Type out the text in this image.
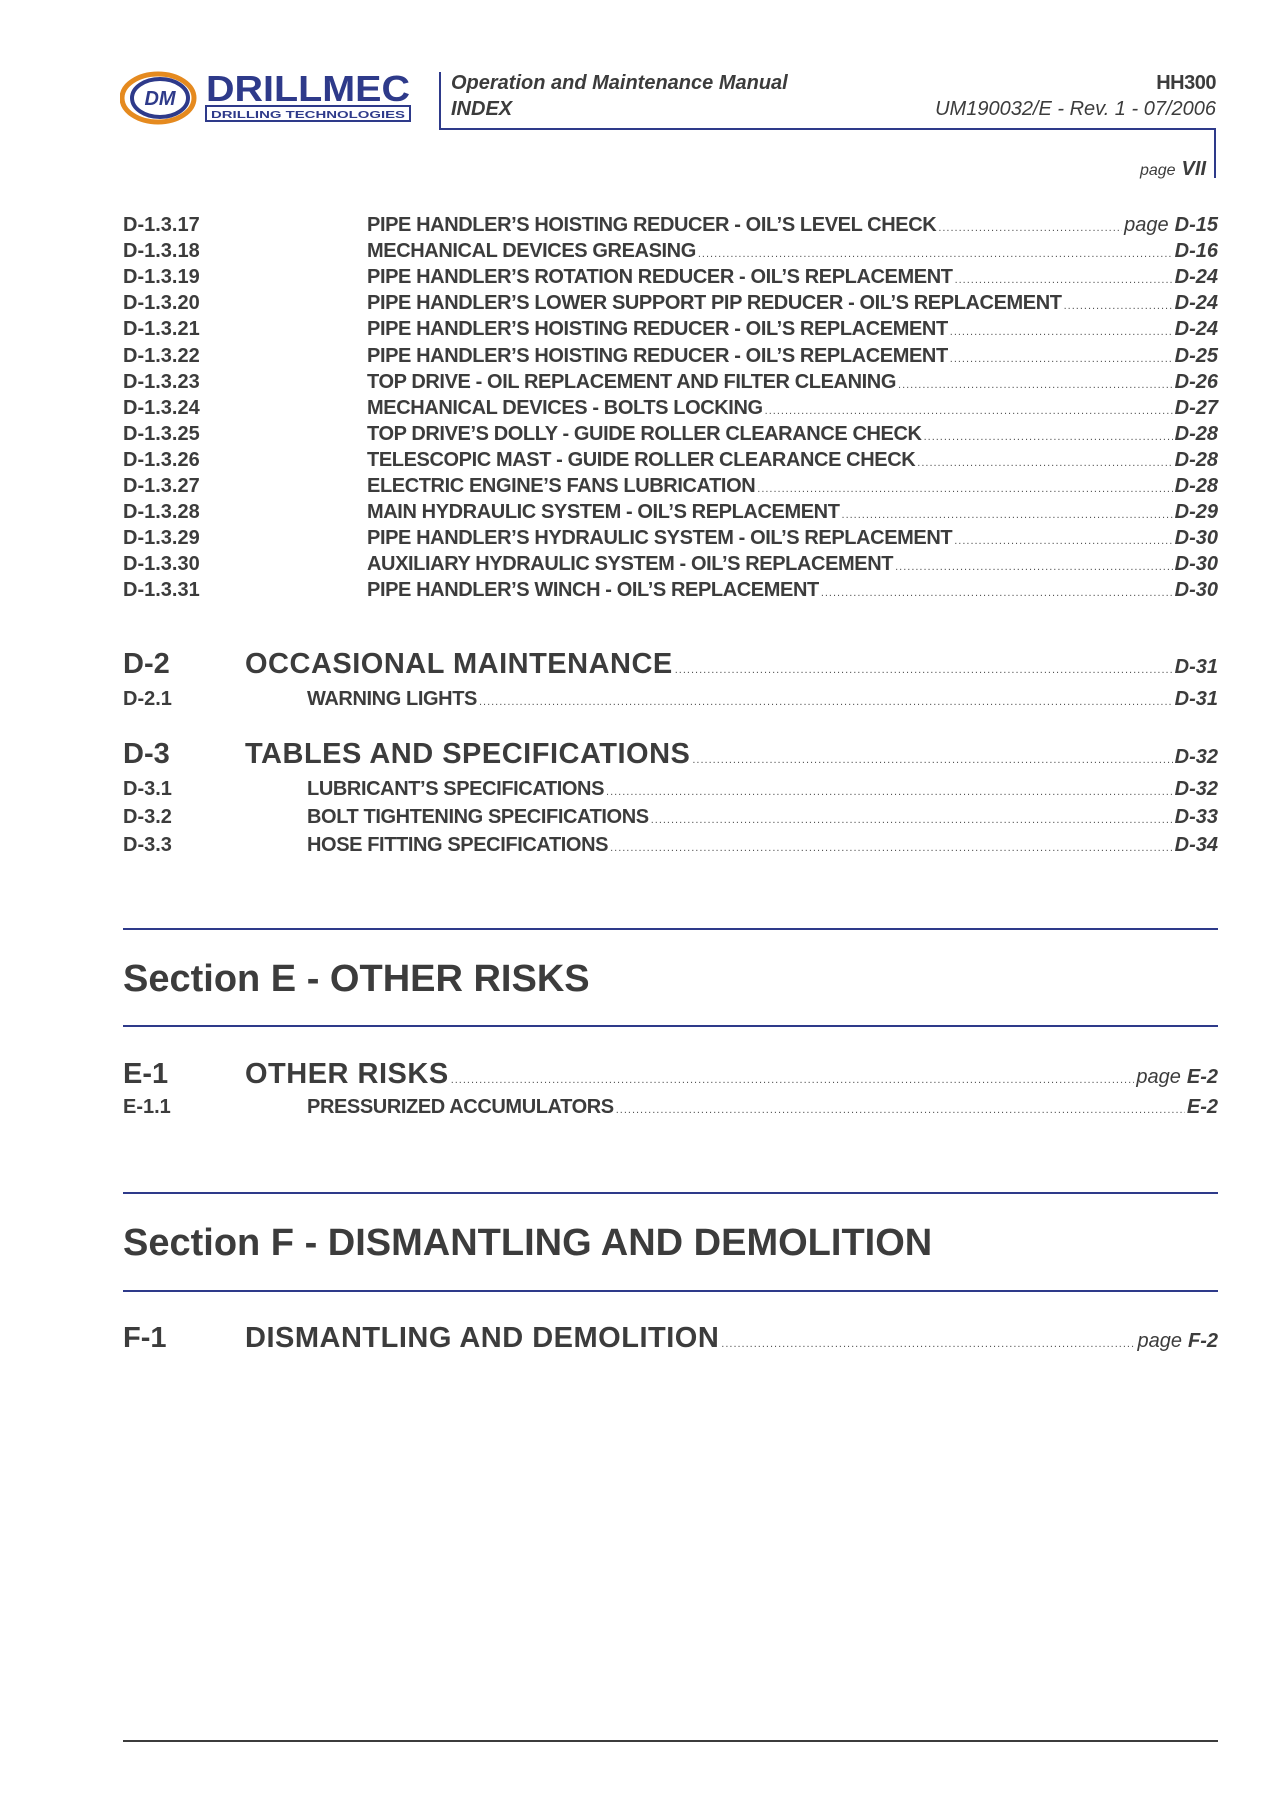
DM DRILLMEC
DRILLING TECHNOLOGIES
Operation and Maintenance Manual
INDEX
HH300
UM190032/E - Rev. 1 - 07/2006
page VII
D-1.3.17	PIPE HANDLER’S HOISTING REDUCER - OIL’S LEVEL CHECK .....	page D-15
D-1.3.18	MECHANICAL DEVICES GREASING .....	D-16
D-1.3.19	PIPE HANDLER’S ROTATION REDUCER - OIL’S REPLACEMENT .....	D-24
D-1.3.20	PIPE HANDLER’S LOWER SUPPORT PIP REDUCER - OIL’S REPLACEMENT .....	D-24
D-1.3.21	PIPE HANDLER’S HOISTING REDUCER - OIL’S REPLACEMENT .....	D-24
D-1.3.22	PIPE HANDLER’S HOISTING REDUCER - OIL’S REPLACEMENT .....	D-25
D-1.3.23	TOP DRIVE - OIL REPLACEMENT AND FILTER CLEANING .....	D-26
D-1.3.24	MECHANICAL DEVICES - BOLTS LOCKING .....	D-27
D-1.3.25	TOP DRIVE’S DOLLY - GUIDE ROLLER CLEARANCE CHECK .....	D-28
D-1.3.26	TELESCOPIC MAST - GUIDE ROLLER CLEARANCE CHECK .....	D-28
D-1.3.27	ELECTRIC ENGINE’S FANS LUBRICATION .....	D-28
D-1.3.28	MAIN HYDRAULIC SYSTEM - OIL’S REPLACEMENT .....	D-29
D-1.3.29	PIPE HANDLER’S HYDRAULIC SYSTEM - OIL’S REPLACEMENT .....	D-30
D-1.3.30	AUXILIARY HYDRAULIC SYSTEM - OIL’S REPLACEMENT .....	D-30
D-1.3.31	PIPE HANDLER’S WINCH - OIL’S REPLACEMENT .....	D-30
D-2	OCCASIONAL MAINTENANCE .....	D-31
D-2.1	WARNING LIGHTS .....	D-31
D-3	TABLES AND SPECIFICATIONS .....	D-32
D-3.1	LUBRICANT’S SPECIFICATIONS .....	D-32
D-3.2	BOLT TIGHTENING SPECIFICATIONS .....	D-33
D-3.3	HOSE FITTING SPECIFICATIONS .....	D-34
Section E - OTHER RISKS
E-1	OTHER RISKS .....	page E-2
E-1.1	PRESSURIZED ACCUMULATORS .....	E-2
Section F - DISMANTLING AND DEMOLITION
F-1	DISMANTLING AND DEMOLITION .....	page F-2
